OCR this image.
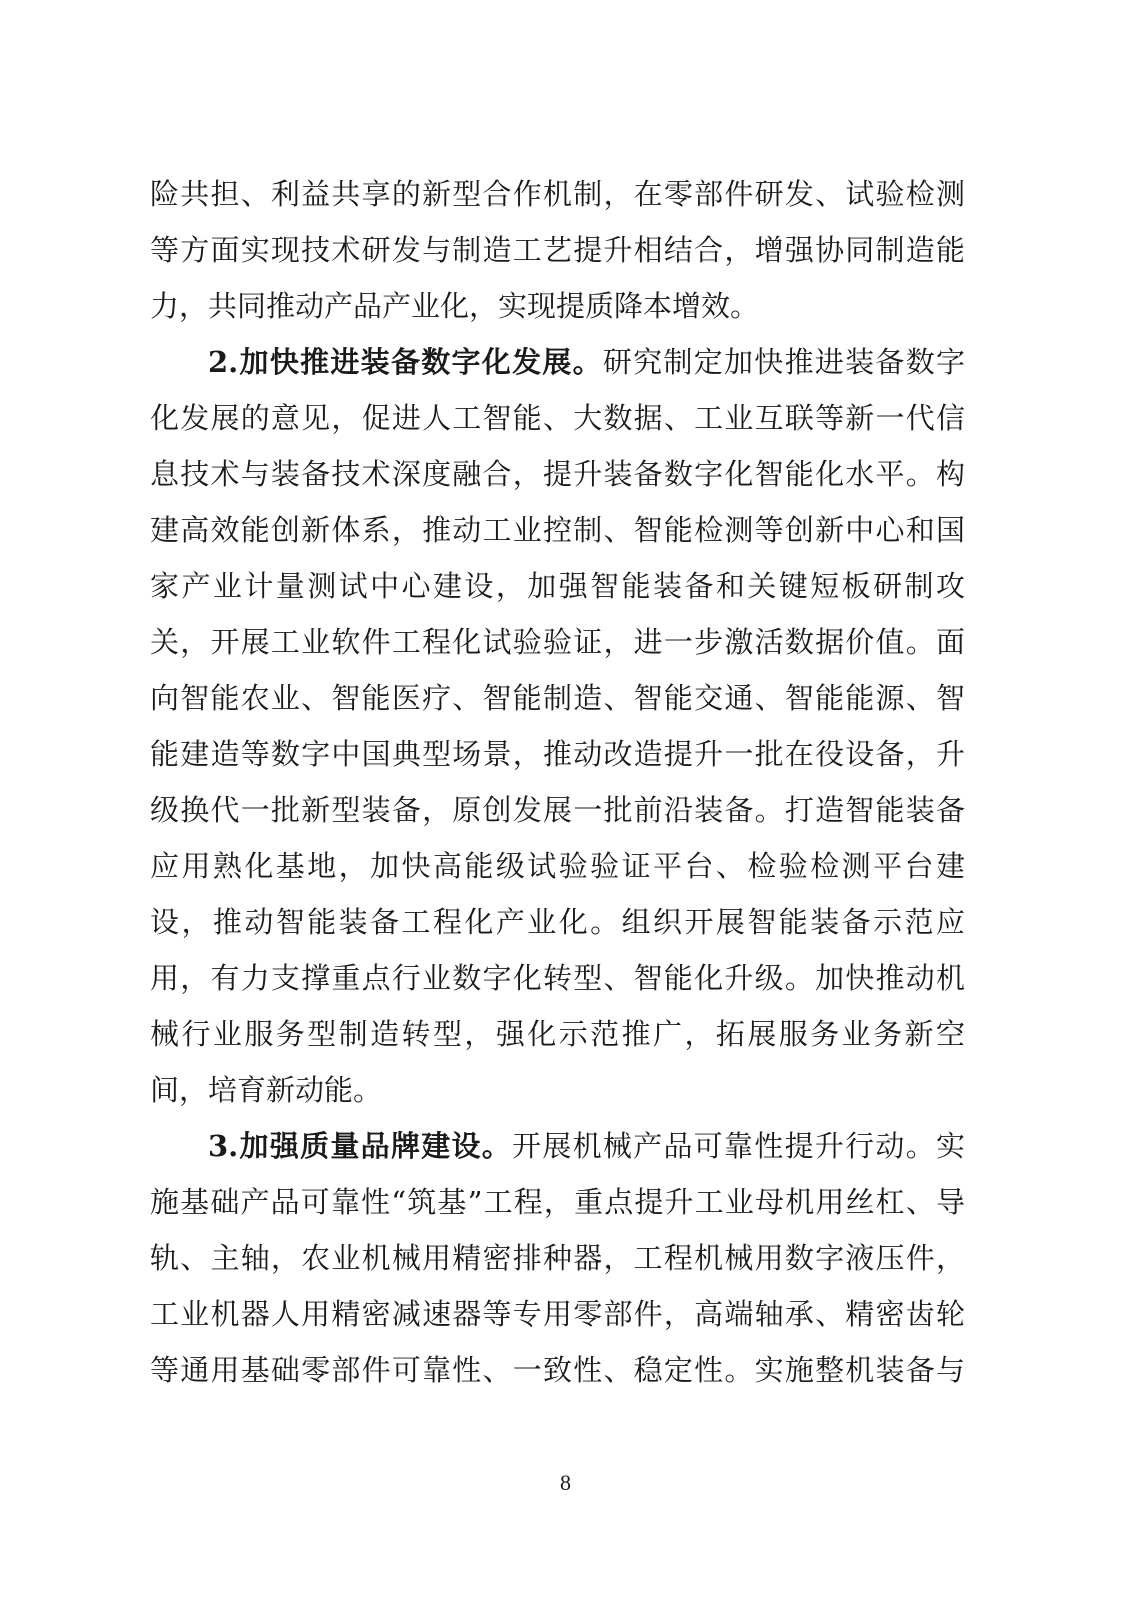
险共担、利益共享的新型合作机制，在零部件研发、试验检测
等方面实现技术研发与制造工艺提升相结合，增强协同制造能
力，共同推动产品产业化，实现提质降本增效。
2.加快推进装备数字化发展。研究制定加快推进装备数字
化发展的意见，促进人工智能、大数据、工业互联等新一代信
息技术与装备技术深度融合，提升装备数字化智能化水平。构
建高效能创新体系，推动工业控制、智能检测等创新中心和国
家产业计量测试中心建设，加强智能装备和关键短板研制攻
关，开展工业软件工程化试验验证，进一步激活数据价值。面
向智能农业、智能医疗、智能制造、智能交通、智能能源、智
能建造等数字中国典型场景，推动改造提升一批在役设备，升
级换代一批新型装备，原创发展一批前沿装备。打造智能装备
应用熟化基地，加快高能级试验验证平台、检验检测平台建
设，推动智能装备工程化产业化。组织开展智能装备示范应
用，有力支撑重点行业数字化转型、智能化升级。加快推动机
械行业服务型制造转型，强化示范推广，拓展服务业务新空
间，培育新动能。
3.加强质量品牌建设。开展机械产品可靠性提升行动。实
施基础产品可靠性“筑基”工程，重点提升工业母机用丝杠、导
轨、主轴，农业机械用精密排种器，工程机械用数字液压件，
工业机器人用精密减速器等专用零部件，高端轴承、精密齿轮
等通用基础零部件可靠性、一致性、稳定性。实施整机装备与
8
